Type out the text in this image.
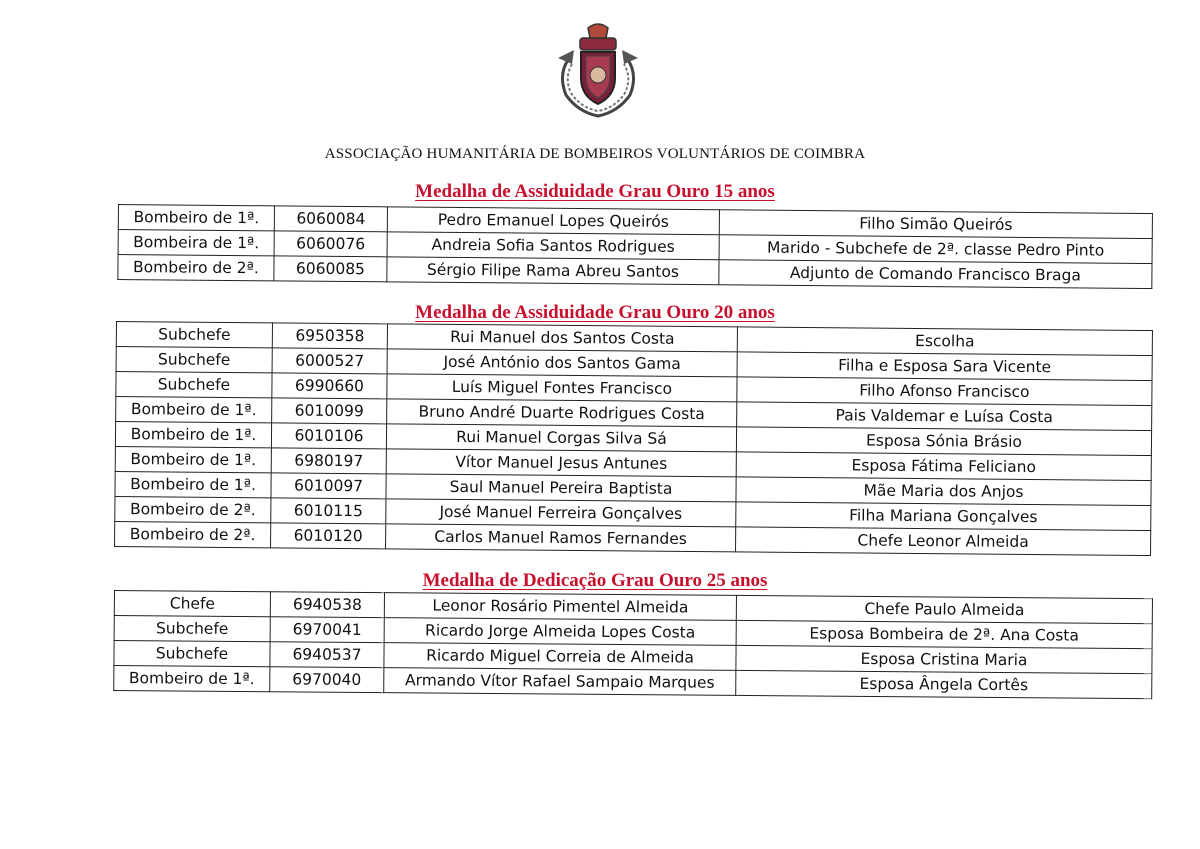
ASSOCIAÇÃO HUMANITÁRIA DE BOMBEIROS VOLUNTÁRIOS DE COIMBRA
Medalha de Assiduidade Grau Ouro 15 anos
Bombeiro de 1ª.	6060084	Pedro Emanuel Lopes Queirós	Filho Simão Queirós
Bombeira de 1ª.	6060076	Andreia Sofia Santos Rodrigues	Marido - Subchefe de 2ª. classe Pedro Pinto
Bombeiro de 2ª.	6060085	Sérgio Filipe Rama Abreu Santos	Adjunto de Comando Francisco Braga
Medalha de Assiduidade Grau Ouro 20 anos
Subchefe	6950358	Rui Manuel dos Santos Costa	Escolha
Subchefe	6000527	José António dos Santos Gama	Filha e Esposa Sara Vicente
Subchefe	6990660	Luís Miguel Fontes Francisco	Filho Afonso Francisco
Bombeiro de 1ª.	6010099	Bruno André Duarte Rodrigues Costa	Pais Valdemar e Luísa Costa
Bombeiro de 1ª.	6010106	Rui Manuel Corgas Silva Sá	Esposa Sónia Brásio
Bombeiro de 1ª.	6980197	Vítor Manuel Jesus Antunes	Esposa Fátima Feliciano
Bombeiro de 1ª.	6010097	Saul Manuel Pereira Baptista	Mãe Maria dos Anjos
Bombeiro de 2ª.	6010115	José Manuel Ferreira Gonçalves	Filha Mariana Gonçalves
Bombeiro de 2ª.	6010120	Carlos Manuel Ramos Fernandes	Chefe Leonor Almeida
Medalha de Dedicação Grau Ouro 25 anos
Chefe	6940538	Leonor Rosário Pimentel Almeida	Chefe Paulo Almeida
Subchefe	6970041	Ricardo Jorge Almeida Lopes Costa	Esposa Bombeira de 2ª. Ana Costa
Subchefe	6940537	Ricardo Miguel Correia de Almeida	Esposa Cristina Maria
Bombeiro de 1ª.	6970040	Armando Vítor Rafael Sampaio Marques	Esposa Ângela Cortês
